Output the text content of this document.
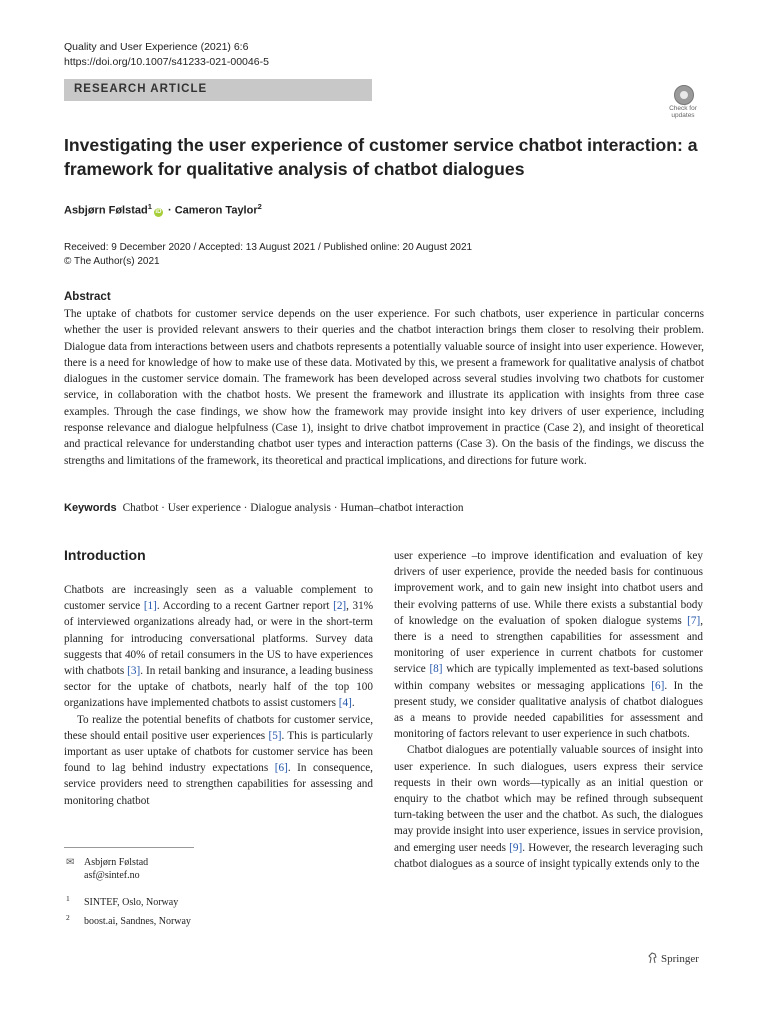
Quality and User Experience (2021) 6:6
https://doi.org/10.1007/s41233-021-00046-5
RESEARCH ARTICLE
Check for
updates
Investigating the user experience of customer service chatbot interaction: a framework for qualitative analysis of chatbot dialogues
Asbjørn Følstad$^1$iD · Cameron Taylor$^2$
Received: 9 December 2020 / Accepted: 13 August 2021 / Published online: 20 August 2021
© The Author(s) 2021
Abstract
The uptake of chatbots for customer service depends on the user experience. For such chatbots, user experience in particular concerns whether the user is provided relevant answers to their queries and the chatbot interaction brings them closer to resolving their problem. Dialogue data from interactions between users and chatbots represents a potentially valuable source of insight into user experience. However, there is a need for knowledge of how to make use of these data. Motivated by this, we present a framework for qualitative analysis of chatbot dialogues in the customer service domain. The framework has been developed across several studies involving two chatbots for customer service, in collaboration with the chatbot hosts. We present the framework and illustrate its application with insights from three case examples. Through the case findings, we show how the framework may provide insight into key drivers of user experience, including response relevance and dialogue helpfulness (Case 1), insight to drive chatbot improvement in practice (Case 2), and insight of theoretical and practical relevance for understanding chatbot user types and interaction patterns (Case 3). On the basis of the findings, we discuss the strengths and limitations of the framework, its theoretical and practical implications, and directions for future work.
Keywords Chatbot · User experience · Dialogue analysis · Human–chatbot interaction
Introduction

Chatbots are increasingly seen as a valuable complement to customer service [1]. According to a recent Gartner report [2], 31% of interviewed organizations already had, or were in the short-term planning for introducing conversational platforms. Survey data suggests that 40% of retail consumers in the US to have experiences with chatbots [3]. In retail banking and insurance, a leading business sector for the uptake of chatbots, nearly half of the top 100 organizations have implemented chatbots to assist customers [4].

To realize the potential benefits of chatbots for customer service, these should entail positive user experiences [5]. This is particularly important as user uptake of chatbots for customer service has been found to lag behind industry expectations [6]. In consequence, service providers need to strengthen capabilities for assessing and monitoring chatbot

user experience –to improve identification and evaluation of key drivers of user experience, provide the needed basis for continuous improvement work, and to gain new insight into chatbot users and their evolving patterns of use. While there exists a substantial body of knowledge on the evaluation of spoken dialogue systems [7], there is a need to strengthen capabilities for assessment and monitoring of user experience in current chatbots for customer service [8] which are typically implemented as text-based solutions within company websites or messaging applications [6]. In the present study, we consider qualitative analysis of chatbot dialogues as a means to provide needed capabilities for assessment and monitoring of factors relevant to user experience in such chatbots.

Chatbot dialogues are potentially valuable sources of insight into user experience. In such dialogues, users express their service requests in their own words—typically as an initial question or enquiry to the chatbot which may be refined through subsequent turn-taking between the user and the chatbot. As such, the dialogues may provide insight into user experience, issues in service provision, and emerging user needs [9]. However, the research leveraging such chatbot dialogues as a source of insight typically extends only to the

✉ Asbjørn Følstad
asf@sintef.no
1 SINTEF, Oslo, Norway
2 boost.ai, Sandnes, Norway
Springer
